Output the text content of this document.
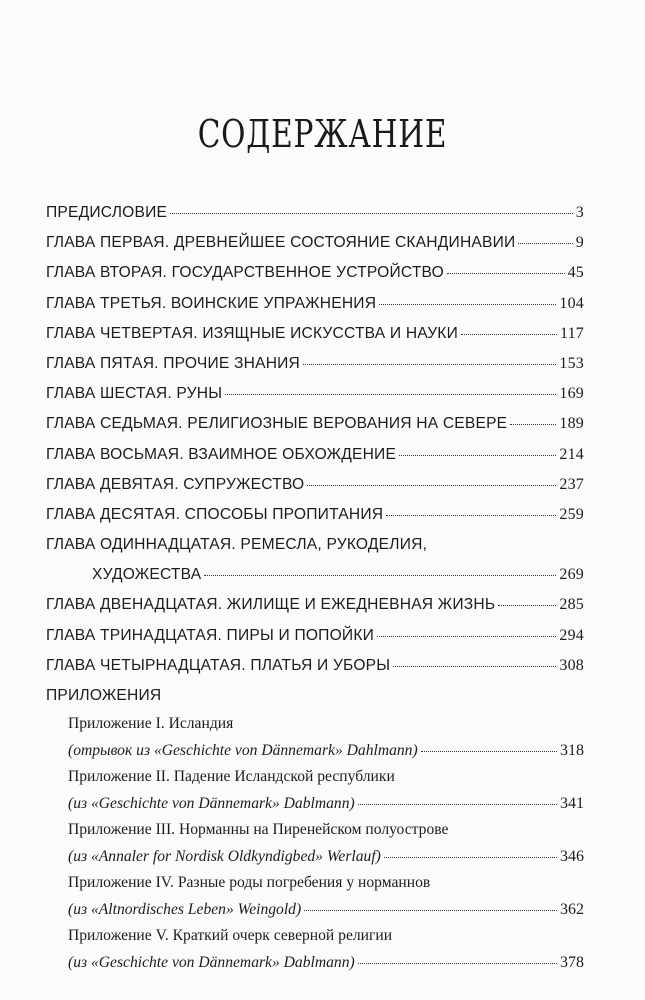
СОДЕРЖАНИЕ
ПРЕДИСЛОВИЕ	3
ГЛАВА ПЕРВАЯ. ДРЕВНЕЙШЕЕ СОСТОЯНИЕ СКАНДИНАВИИ	9
ГЛАВА ВТОРАЯ. ГОСУДАРСТВЕННОЕ УСТРОЙСТВО	45
ГЛАВА ТРЕТЬЯ. ВОИНСКИЕ УПРАЖНЕНИЯ	104
ГЛАВА ЧЕТВЕРТАЯ. ИЗЯЩНЫЕ ИСКУССТВА И НАУКИ	117
ГЛАВА ПЯТАЯ. ПРОЧИЕ ЗНАНИЯ	153
ГЛАВА ШЕСТАЯ. РУНЫ	169
ГЛАВА СЕДЬМАЯ. РЕЛИГИОЗНЫЕ ВЕРОВАНИЯ НА СЕВЕРЕ	189
ГЛАВА ВОСЬМАЯ. ВЗАИМНОЕ ОБХОЖДЕНИЕ	214
ГЛАВА ДЕВЯТАЯ. СУПРУЖЕСТВО	237
ГЛАВА ДЕСЯТАЯ. СПОСОБЫ ПРОПИТАНИЯ	259
ГЛАВА ОДИННАДЦАТАЯ. РЕМЕСЛА, РУКОДЕЛИЯ,
ХУДОЖЕСТВА	269
ГЛАВА ДВЕНАДЦАТАЯ. ЖИЛИЩЕ И ЕЖЕДНЕВНАЯ ЖИЗНЬ	285
ГЛАВА ТРИНАДЦАТАЯ. ПИРЫ И ПОПОЙКИ	294
ГЛАВА ЧЕТЫРНАДЦАТАЯ. ПЛАТЬЯ И УБОРЫ	308
ПРИЛОЖЕНИЯ
Приложение I. Исландия
(отрывок из «Geschichte von Dännemark» Dahlmann)	318
Приложение II. Падение Исландской республики
(из «Geschichte von Dännemark» Dablmann)	341
Приложение III. Норманны на Пиренейском полуострове
(из «Annaler for Nordisk Oldkyndigbed» Werlauf)	346
Приложение IV. Разные роды погребения у норманнов
(из «Altnordisches Leben» Weingold)	362
Приложение V. Краткий очерк северной религии
(из «Geschichte von Dännemark» Dablmann)	378
